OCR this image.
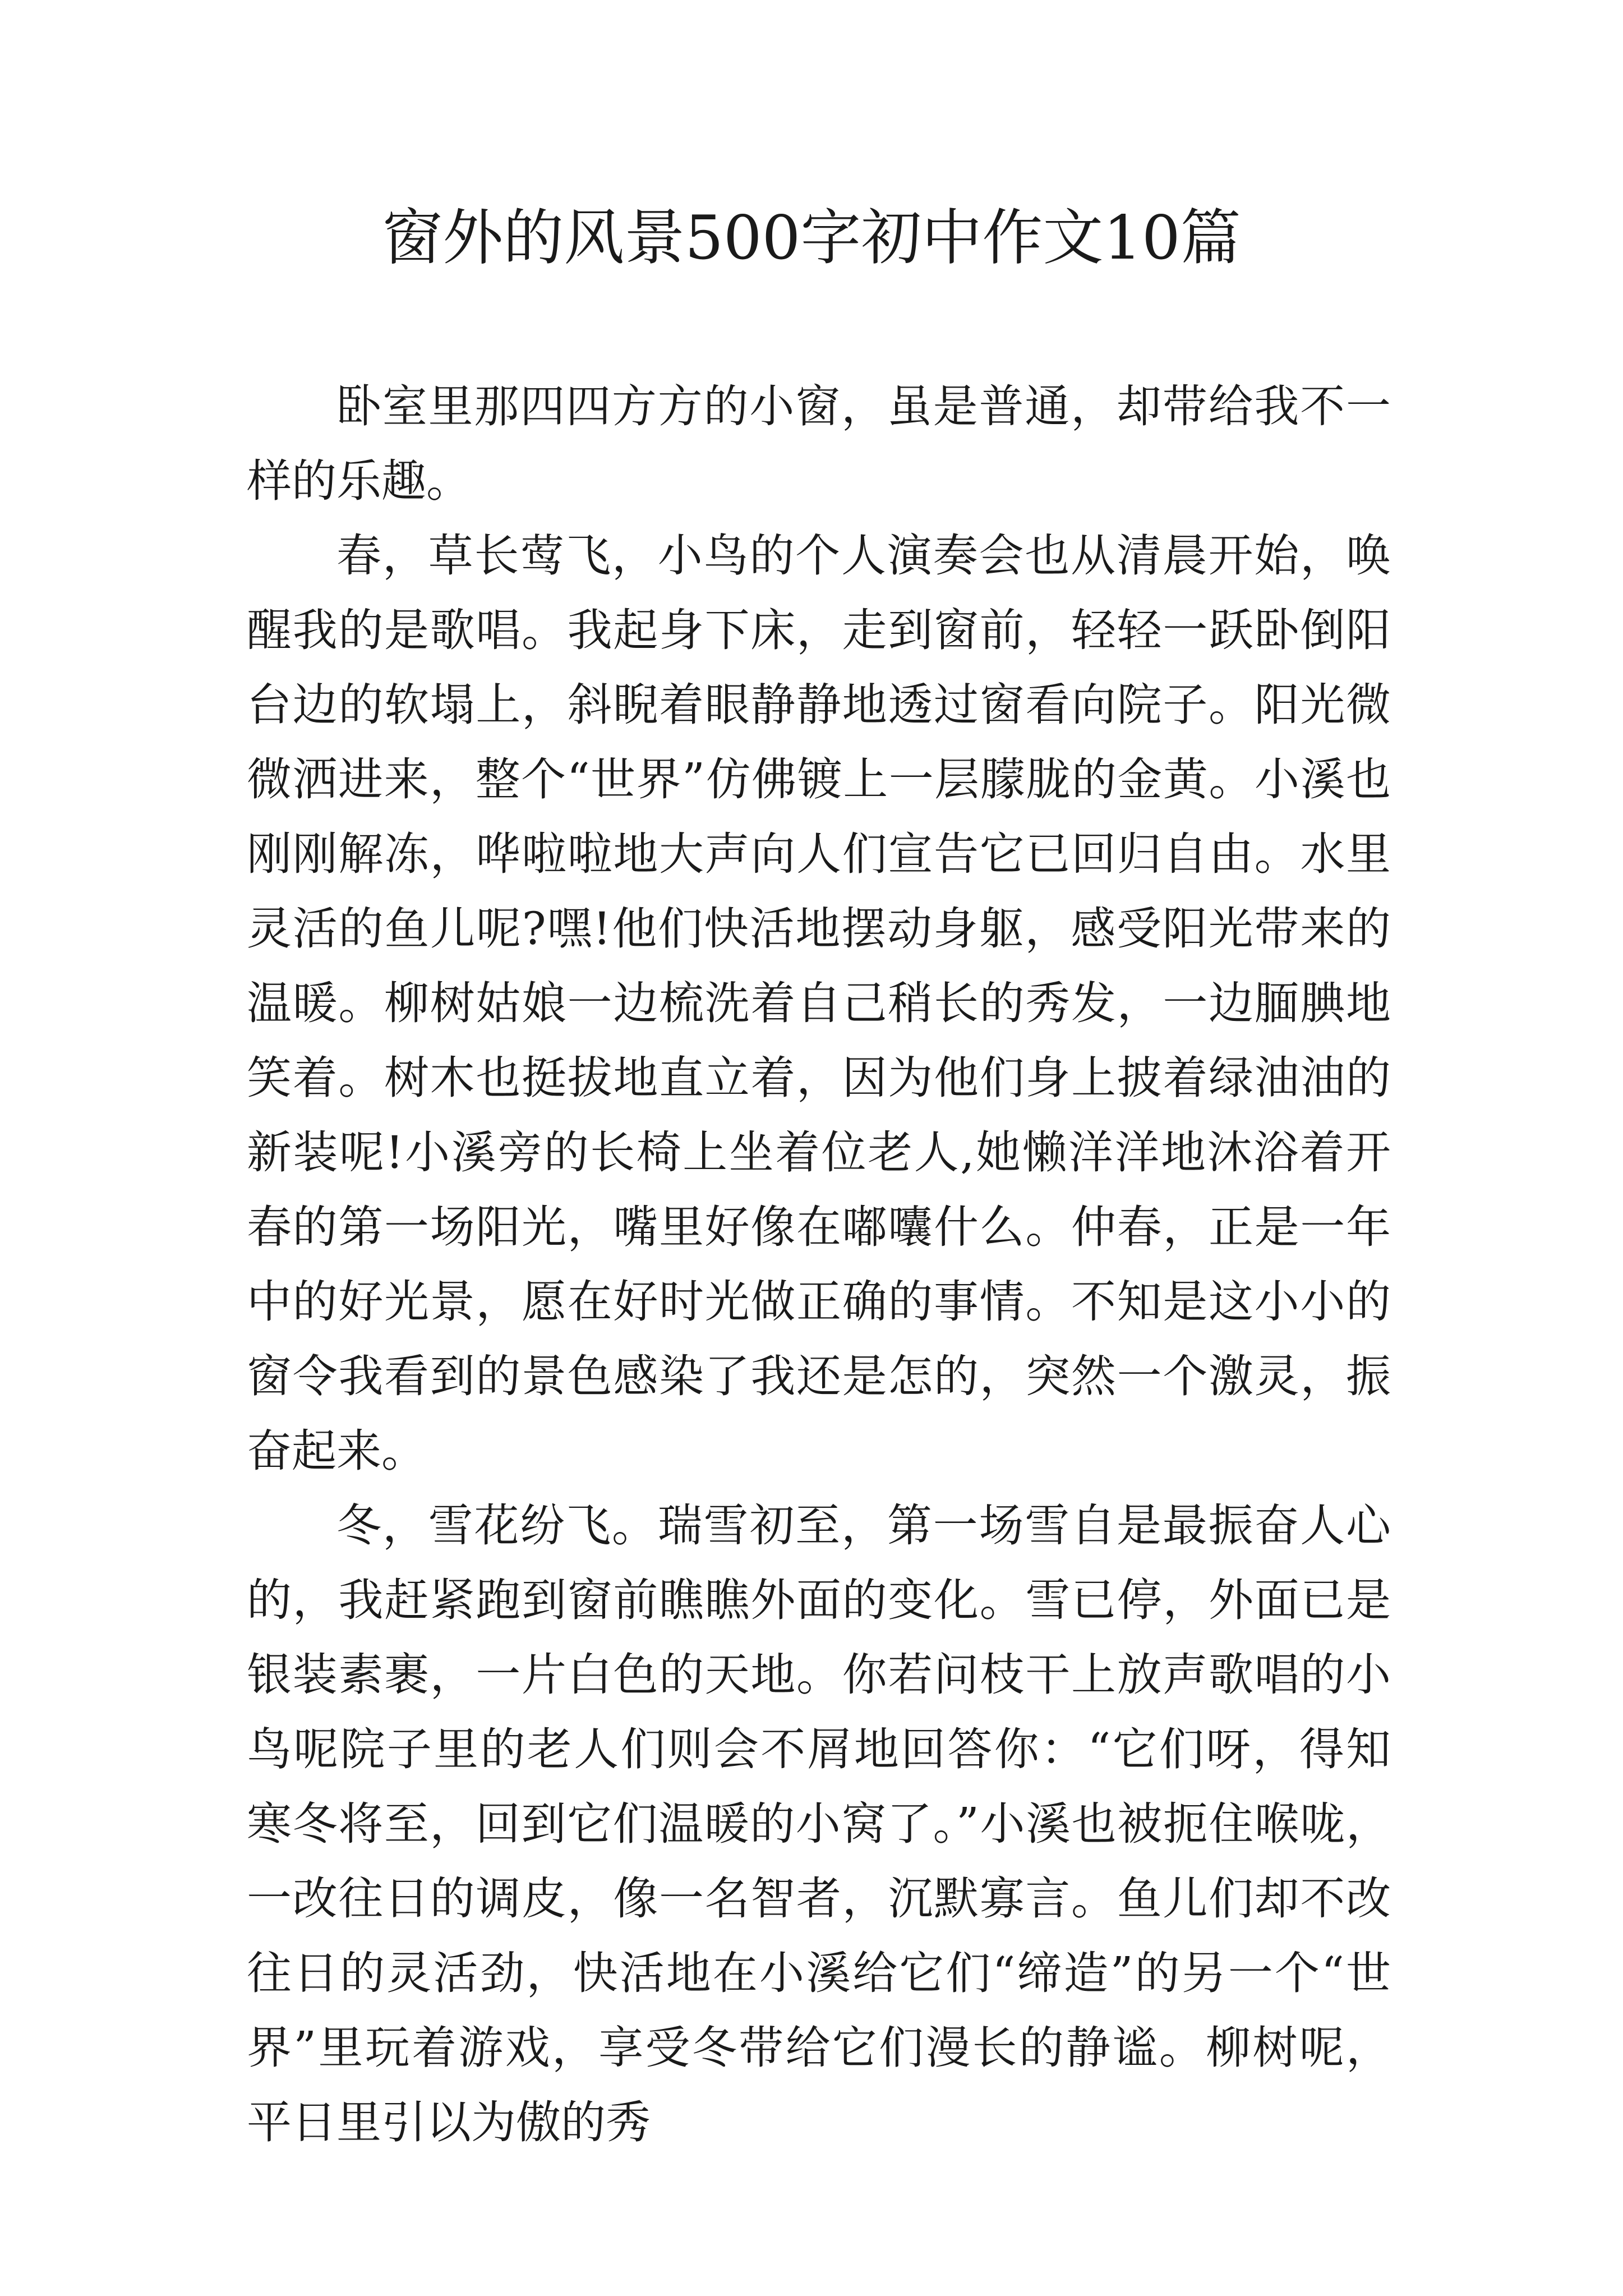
窗外的风景500字初中作文10篇

卧室里那四四方方的小窗，虽是普通，却带给我不一样的乐趣。

春，草长莺飞，小鸟的个人演奏会也从清晨开始，唤醒我的是歌唱。我起身下床，走到窗前，轻轻一跃卧倒阳台边的软塌上，斜睨着眼静静地透过窗看向院子。阳光微微洒进来，整个“世界”仿佛镀上一层朦胧的金黄。小溪也刚刚解冻，哗啦啦地大声向人们宣告它已回归自由。水里灵活的鱼儿呢?嘿!他们快活地摆动身躯，感受阳光带来的温暖。柳树姑娘一边梳洗着自己稍长的秀发，一边腼腆地笑着。树木也挺拔地直立着，因为他们身上披着绿油油的新装呢!小溪旁的长椅上坐着位老人,她懒洋洋地沐浴着开春的第一场阳光，嘴里好像在嘟囔什么。仲春，正是一年中的好光景，愿在好时光做正确的事情。不知是这小小的窗令我看到的景色感染了我还是怎的，突然一个激灵，振奋起来。

冬，雪花纷飞。瑞雪初至，第一场雪自是最振奋人心的，我赶紧跑到窗前瞧瞧外面的变化。雪已停，外面已是银装素裹，一片白色的天地。你若问枝干上放声歌唱的小鸟呢院子里的老人们则会不屑地回答你：“它们呀，得知寒冬将至，回到它们温暖的小窝了。”小溪也被扼住喉咙，一改往日的调皮，像一名智者，沉默寡言。鱼儿们却不改往日的灵活劲，快活地在小溪给它们“缔造”的另一个“世界”里玩着游戏，享受冬带给它们漫长的静谧。柳树呢，平日里引以为傲的秀
